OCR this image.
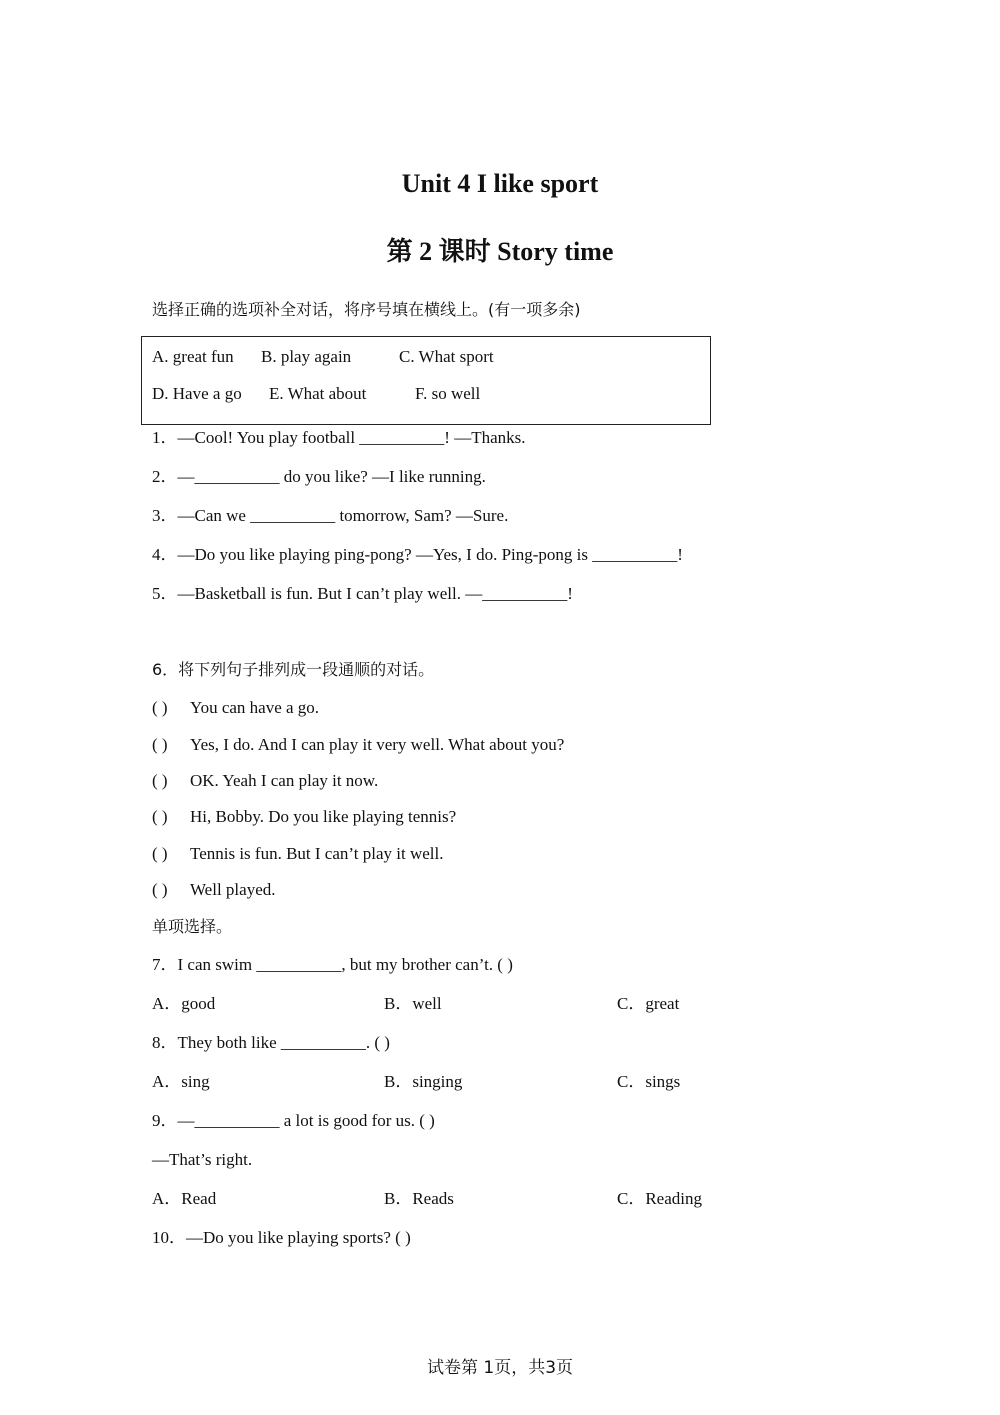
Unit 4 I like sport
第 2 课时 Story time
选择正确的选项补全对话，将序号填在横线上。(有一项多余)
A. great fun B. play again	C. What sport
D. Have a go E. What about	F. so well
1．—Cool! You play football __________! —Thanks.
2．—__________ do you like? —I like running.
3．—Can we __________ tomorrow, Sam? —Sure.
4．—Do you like playing ping-pong? —Yes, I do. Ping-pong is __________!
5．—Basketball is fun. But I can’t play well. —__________!
6．将下列句子排列成一段通顺的对话。
( ) You can have a go.
( ) Yes, I do. And I can play it very well. What about you?
( ) OK. Yeah I can play it now.
( ) Hi, Bobby. Do you like playing tennis?
( ) Tennis is fun. But I can’t play it well.
( ) Well played.
单项选择。
7．I can swim __________, but my brother can’t. ( )
A．good	B．well	C．great
8．They both like __________. ( )
A．sing	B．singing	C．sings
9．—__________ a lot is good for us. ( )
—That’s right.
A．Read	B．Reads	C．Reading
10．—Do you like playing sports? ( )
试卷第 1页，共3页
